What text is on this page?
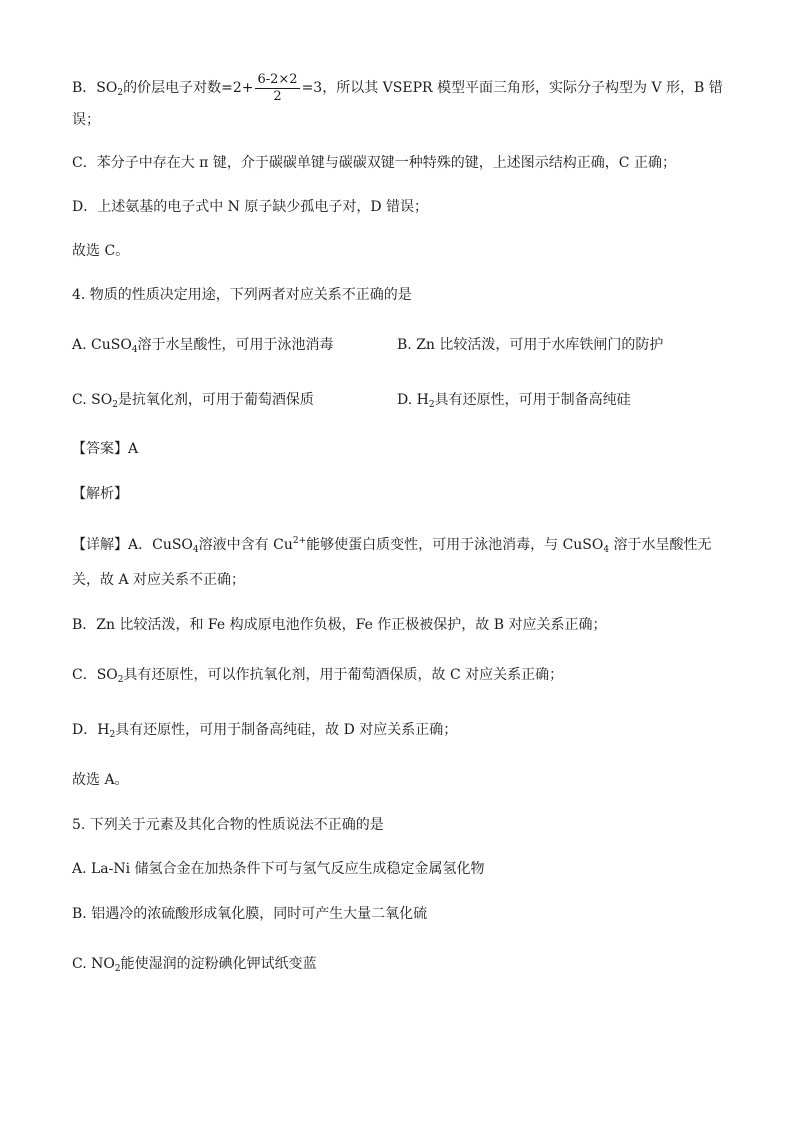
B．$SO_2$的价层电子对数$=2+ \frac{6-2\times 2}{2} =3$，所以其 VSEPR 模型平面三角形，实际分子构型为 V 形，B 错
误；
C．苯分子中存在大 π 键，介于碳碳单键与碳碳双键一种特殊的键，上述图示结构正确，C 正确；
D．上述氨基的电子式中 N 原子缺少孤电子对，D 错误；
故选 C。
4. 物质的性质决定用途，下列两者对应关系不正确的是
A. CuSO$_4$溶于水呈酸性，可用于泳池消毒	B. Zn 比较活泼，可用于水库铁闸门的防护
C. $SO_2$是抗氧化剂，可用于葡萄酒保质	D. $H_2$具有还原性，可用于制备高纯硅
【答案】A
【解析】
【详解】A．CuSO$_4$溶液中含有 $Cu^{2+}$能够使蛋白质变性，可用于泳池消毒，与 CuSO$_4$ 溶于水呈酸性无
关，故 A 对应关系不正确；
B．Zn 比较活泼，和 Fe 构成原电池作负极，Fe 作正极被保护，故 B 对应关系正确；
C．$SO_2$具有还原性，可以作抗氧化剂，用于葡萄酒保质，故 C 对应关系正确；
D．$H_2$具有还原性，可用于制备高纯硅，故 D 对应关系正确；
故选 A。
5. 下列关于元素及其化合物的性质说法不正确的是
A. La-Ni 储氢合金在加热条件下可与氢气反应生成稳定金属氢化物
B. 铝遇冷的浓硫酸形成氧化膜，同时可产生大量二氧化硫
C. $NO_2$能使湿润的淀粉碘化钾试纸变蓝
